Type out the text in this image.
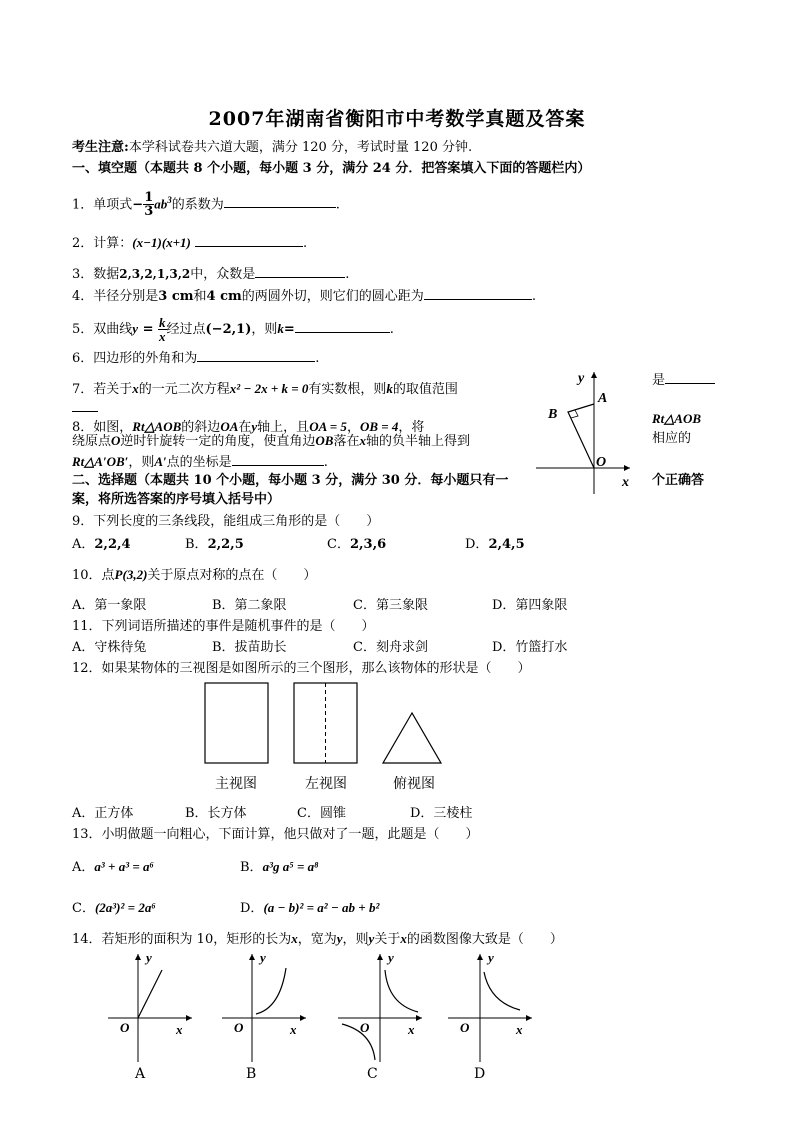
2007年湖南省衡阳市中考数学真题及答案
考生注意:本学科试卷共六道大题，满分 120 分，考试时量 120 分钟.
一、填空题（本题共 8 个小题，每小题 3 分，满分 24 分．把答案填入下面的答题栏内）
1．单项式− $\frac{1}{3} ab^3$的系数为	.
2．计算：(x−1)(x+1)	.
3．数据2,3,2,1,3,2中，众数是	.
4．半径分别是3 cm和4 cm的两圆外切，则它们的圆心距为	.
5．双曲线$y = \frac{k}{x}$ 经过点(−2,1)，则k=	.
6．四边形的外角和为	.
7．若关于x的一元二次方程x² − 2x + k = 0有实数根，则k的取值范围
是
8．如图，Rt△AOB的斜边OA在y轴上，且OA = 5，OB = 4，将
Rt△AOB
绕原点O逆时针旋转一定的角度，使直角边OB落在x轴的负半轴上得到	相应的
Rt△A′OB′，则A′点的坐标是	.
二、选择题（本题共 10 个小题，每小题 3 分，满分 30 分．每小题只有一	个正确答
案，将所选答案的序号填入括号中）
y
x
A
B
O
9．下列长度的三条线段，能组成三角形的是（　　）
A．2,2,4	B．2,2,5	C．2,3,6	D．2,4,5
10．点P(3,2)关于原点对称的点在（　　）
A．第一象限	B．第二象限	C．第三象限	D．第四象限
11．下列词语所描述的事件是随机事件的是（　　）
A．守株待兔	B．拔苗助长	C．刻舟求剑	D．竹篮打水
12．如果某物体的三视图是如图所示的三个图形，那么该物体的形状是（　　）
主视图	左视图	俯视图
A．正方体	B．长方体	C．圆锥	D．三棱柱
13．小明做题一向粗心，下面计算，他只做对了一题，此题是（　　）
A．a³ + a³ = a⁶	B．a³g a⁵ = a⁸
C．(2a³)² = 2a⁶	D．(a − b)² = a² − ab + b²
14．若矩形的面积为 10，矩形的长为x，宽为y，则y关于x的函数图像大致是（　　）
y
x
O
y
x
O
y
x
O
y
x
O
A	B	C	D
